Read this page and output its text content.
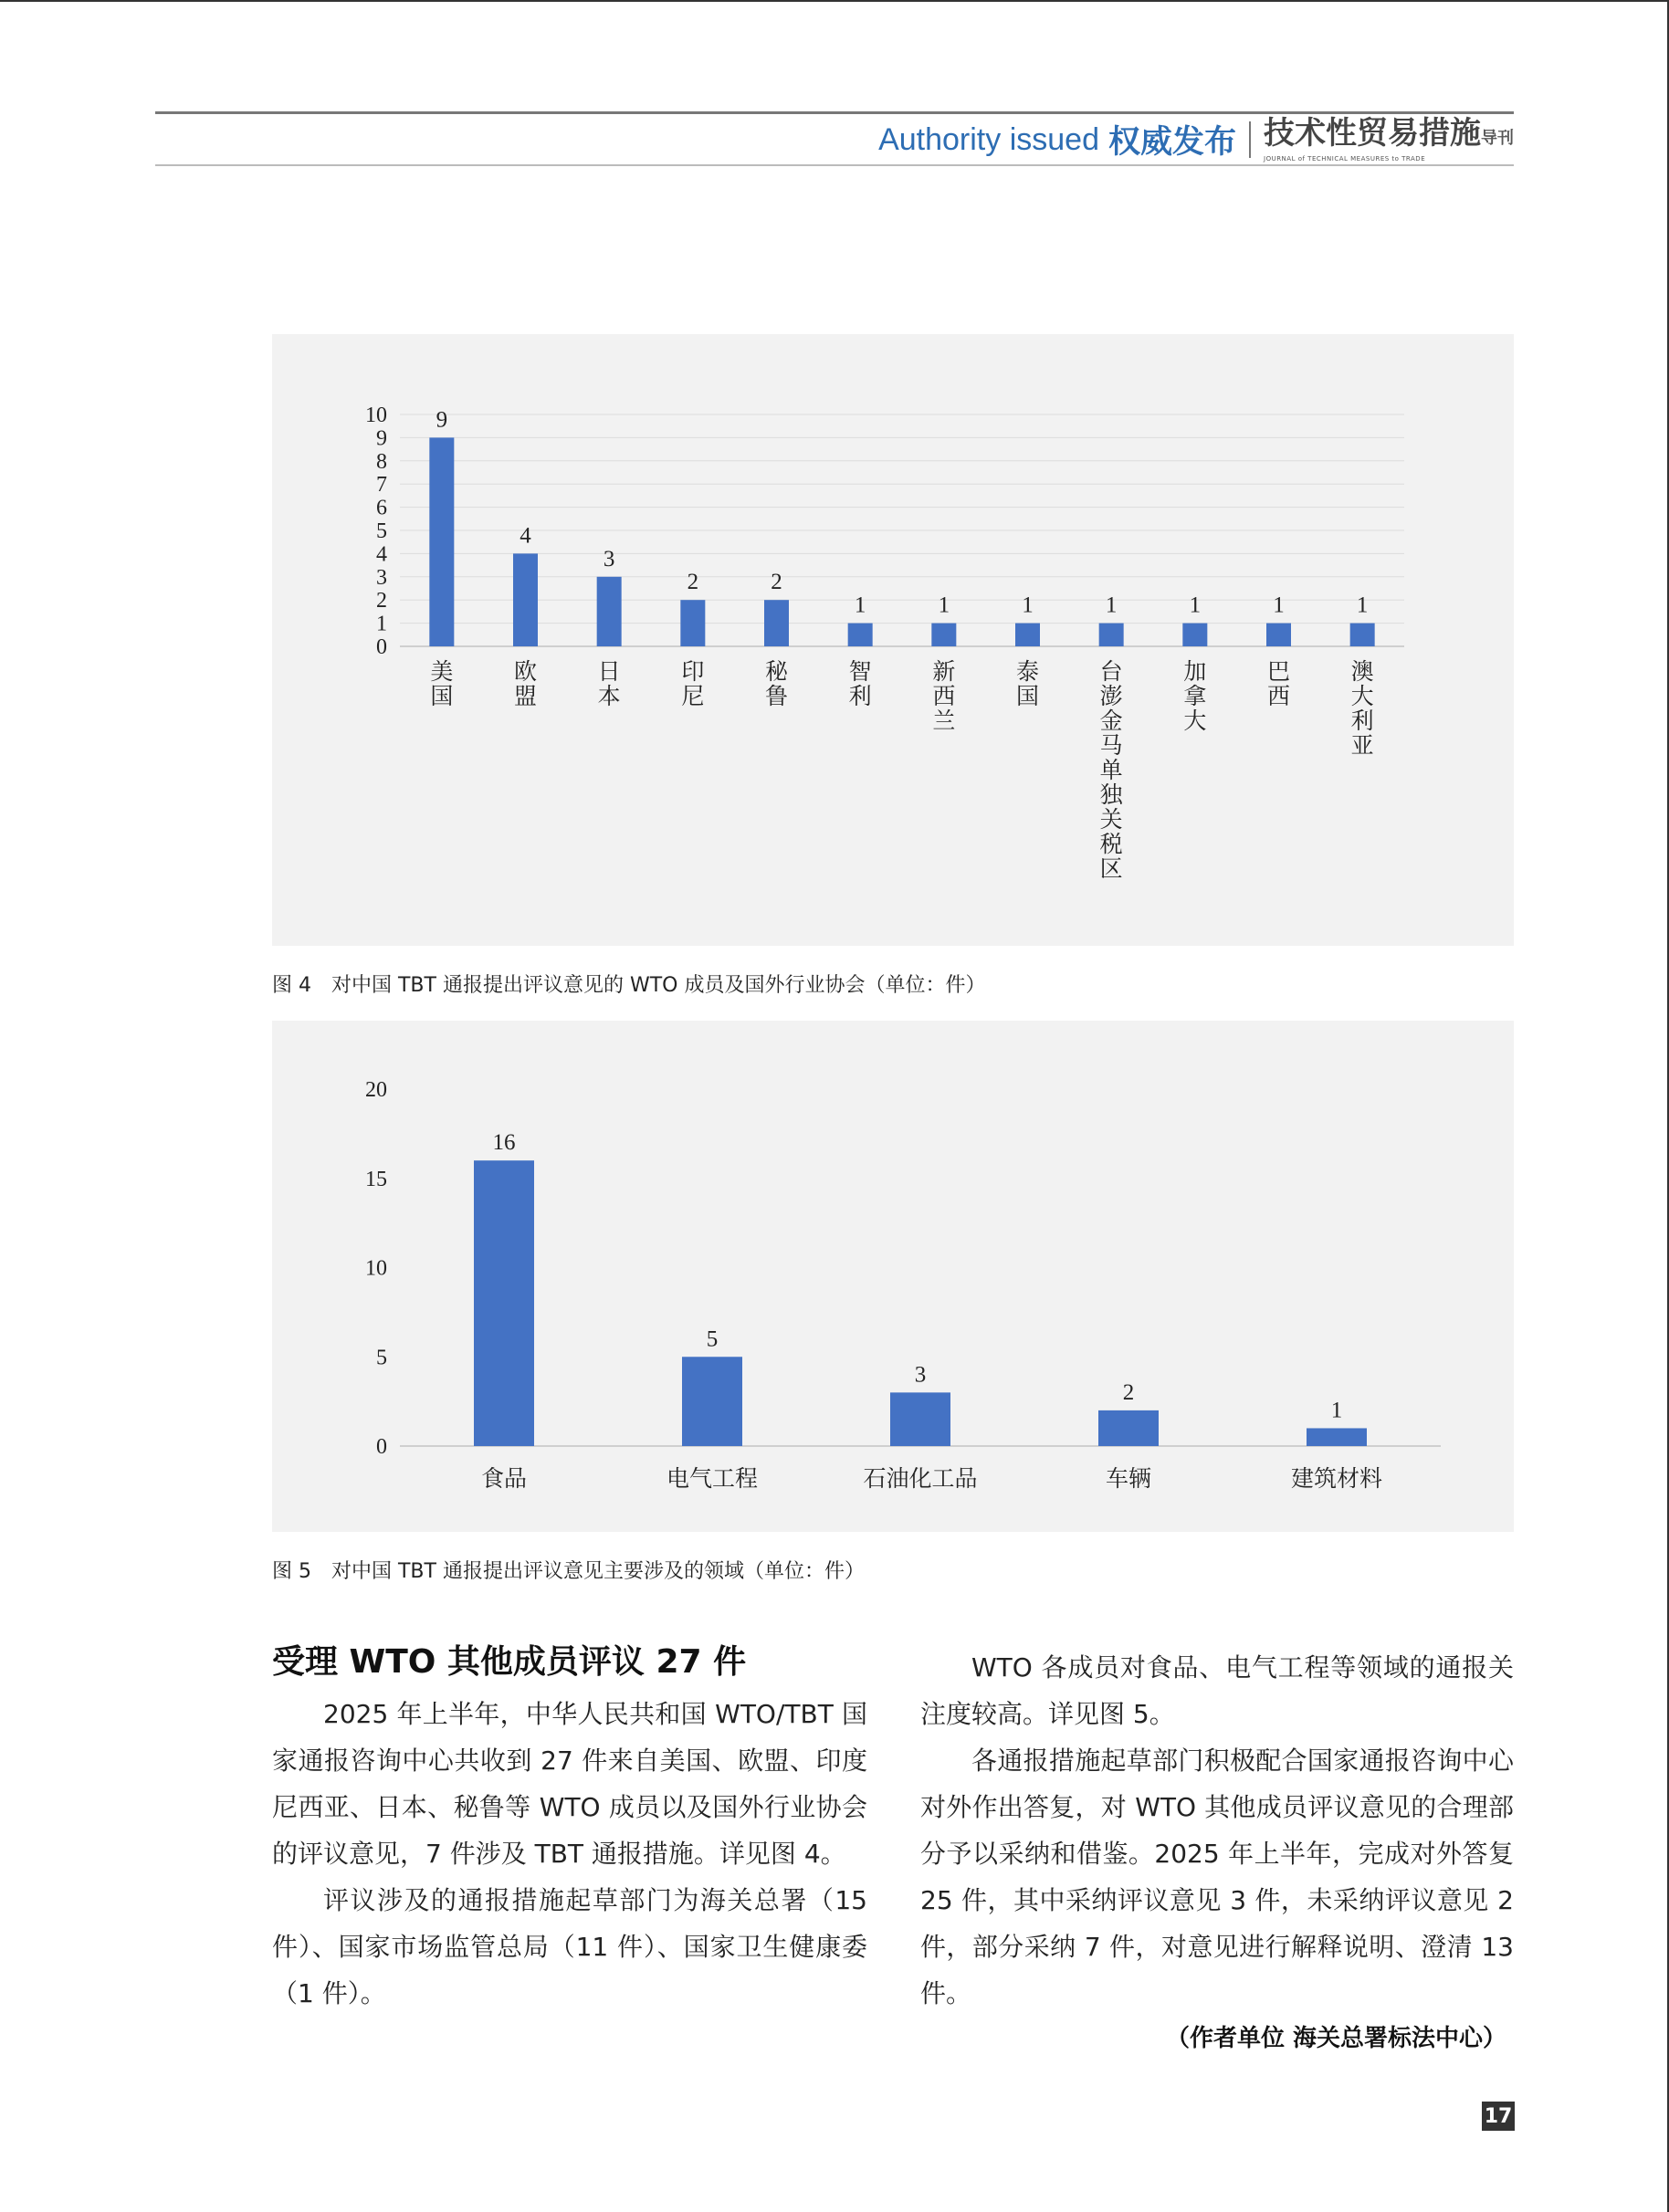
Authority issued 权威发布 技术性贸易措施导刊
JOURNAL of TECHNICAL MEASURES to TRADE
0
1
2
3
4
5
6
7
8
9
10 9
美国
4
欧盟
3
日本
2
印尼
2
秘鲁
1
智利
1
新西兰
1
泰国
1
台澎金马单独关税区
1
加拿大
1
巴西
1
澳大利亚
图 4　对中国 TBT 通报提出评议意见的 WTO 成员及国外行业协会（单位：件）
0
5
10
15
20
16
食品
5
电气工程
3
石油化工品
2
车辆
1
建筑材料
图 5　对中国 TBT 通报提出评议意见主要涉及的领域（单位：件）
受理 WTO 其他成员评议 27 件

2025 年上半年，中华人民共和国 WTO/TBT 国家通报咨询中心共收到 27 件来自美国、欧盟、印度尼西亚、日本、秘鲁等 WTO 成员以及国外行业协会的评议意见，7 件涉及 TBT 通报措施。详见图 4。

评议涉及的通报措施起草部门为海关总署（15 件）、国家市场监管总局（11 件）、国家卫生健康委（1 件）。

WTO 各成员对食品、电气工程等领域的通报关注度较高。详见图 5。

各通报措施起草部门积极配合国家通报咨询中心对外作出答复，对 WTO 其他成员评议意见的合理部分予以采纳和借鉴。2025 年上半年，完成对外答复 25 件，其中采纳评议意见 3 件，未采纳评议意见 2 件，部分采纳 7 件，对意见进行解释说明、澄清 13 件。

（作者单位 海关总署标法中心）
17
